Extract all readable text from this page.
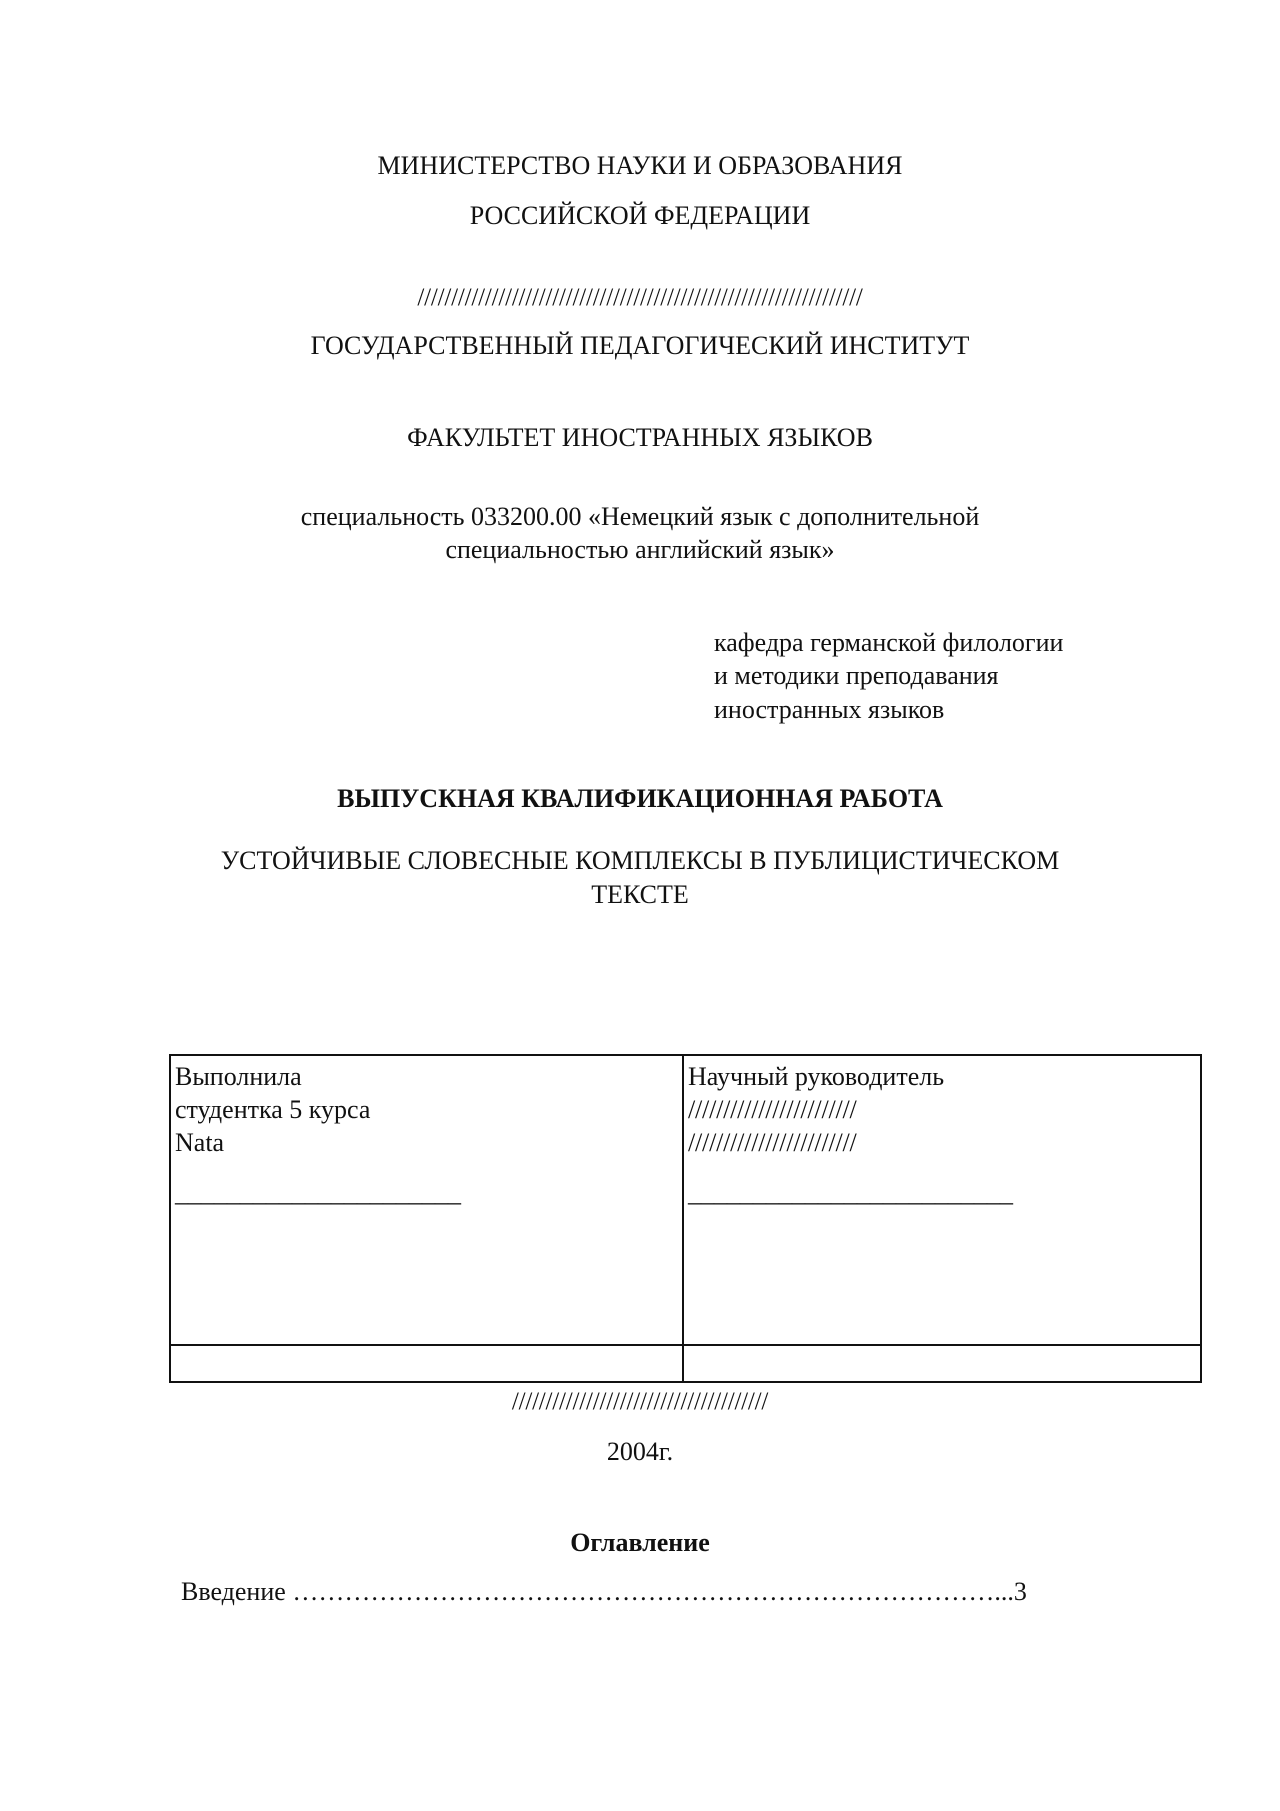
МИНИСТЕРСТВО НАУКИ И ОБРАЗОВАНИЯ
РОССИЙСКОЙ ФЕДЕРАЦИИ
//////////////////////////////////////////////////////////////////
ГОСУДАРСТВЕННЫЙ ПЕДАГОГИЧЕСКИЙ ИНСТИТУТ
ФАКУЛЬТЕТ ИНОСТРАННЫХ ЯЗЫКОВ
специальность 033200.00 «Немецкий язык с дополнительной
специальностью английский язык»
кафедра германской филологии
и методики преподавания
иностранных языков
ВЫПУСКНАЯ КВАЛИФИКАЦИОННАЯ РАБОТА
УСТОЙЧИВЫЕ СЛОВЕСНЫЕ КОМПЛЕКСЫ В ПУБЛИЦИСТИЧЕСКОМ
ТЕКСТЕ
Выполнила
студентка 5 курса
Nata
______________________
Научный руководитель
////////////////////////
////////////////////////
_________________________
//////////////////////////////////////
2004г.
Оглавление
Введение ………………………………………………………………………...3
